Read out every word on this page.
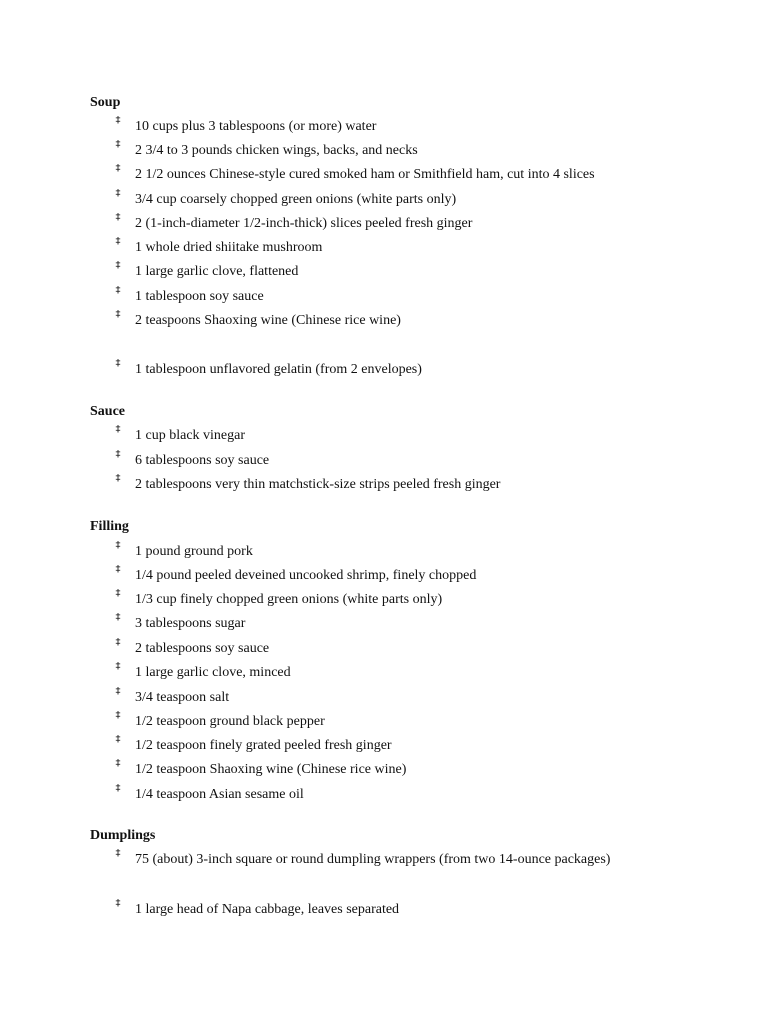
Soup
‡
10 cups plus 3 tablespoons (or more) water
‡
2 3/4 to 3 pounds chicken wings, backs, and necks
‡
2 1/2 ounces Chinese-style cured smoked ham or Smithfield ham, cut into 4 slices
‡
3/4 cup coarsely chopped green onions (white parts only)
‡
2 (1-inch-diameter 1/2-inch-thick) slices peeled fresh ginger
‡
1 whole dried shiitake mushroom
‡
1 large garlic clove, flattened
‡
1 tablespoon soy sauce
‡
2 teaspoons Shaoxing wine (Chinese rice wine)
‡
1 tablespoon unflavored gelatin (from 2 envelopes)
Sauce
‡
1 cup black vinegar
‡
6 tablespoons soy sauce
‡
2 tablespoons very thin matchstick-size strips peeled fresh ginger
Filling
‡
1 pound ground pork
‡
1/4 pound peeled deveined uncooked shrimp, finely chopped
‡
1/3 cup finely chopped green onions (white parts only)
‡
3 tablespoons sugar
‡
2 tablespoons soy sauce
‡
1 large garlic clove, minced
‡
3/4 teaspoon salt
‡
1/2 teaspoon ground black pepper
‡
1/2 teaspoon finely grated peeled fresh ginger
‡
1/2 teaspoon Shaoxing wine (Chinese rice wine)
‡
1/4 teaspoon Asian sesame oil
Dumplings
‡
75 (about) 3-inch square or round dumpling wrappers (from two 14-ounce packages)
‡
1 large head of Napa cabbage, leaves separated
